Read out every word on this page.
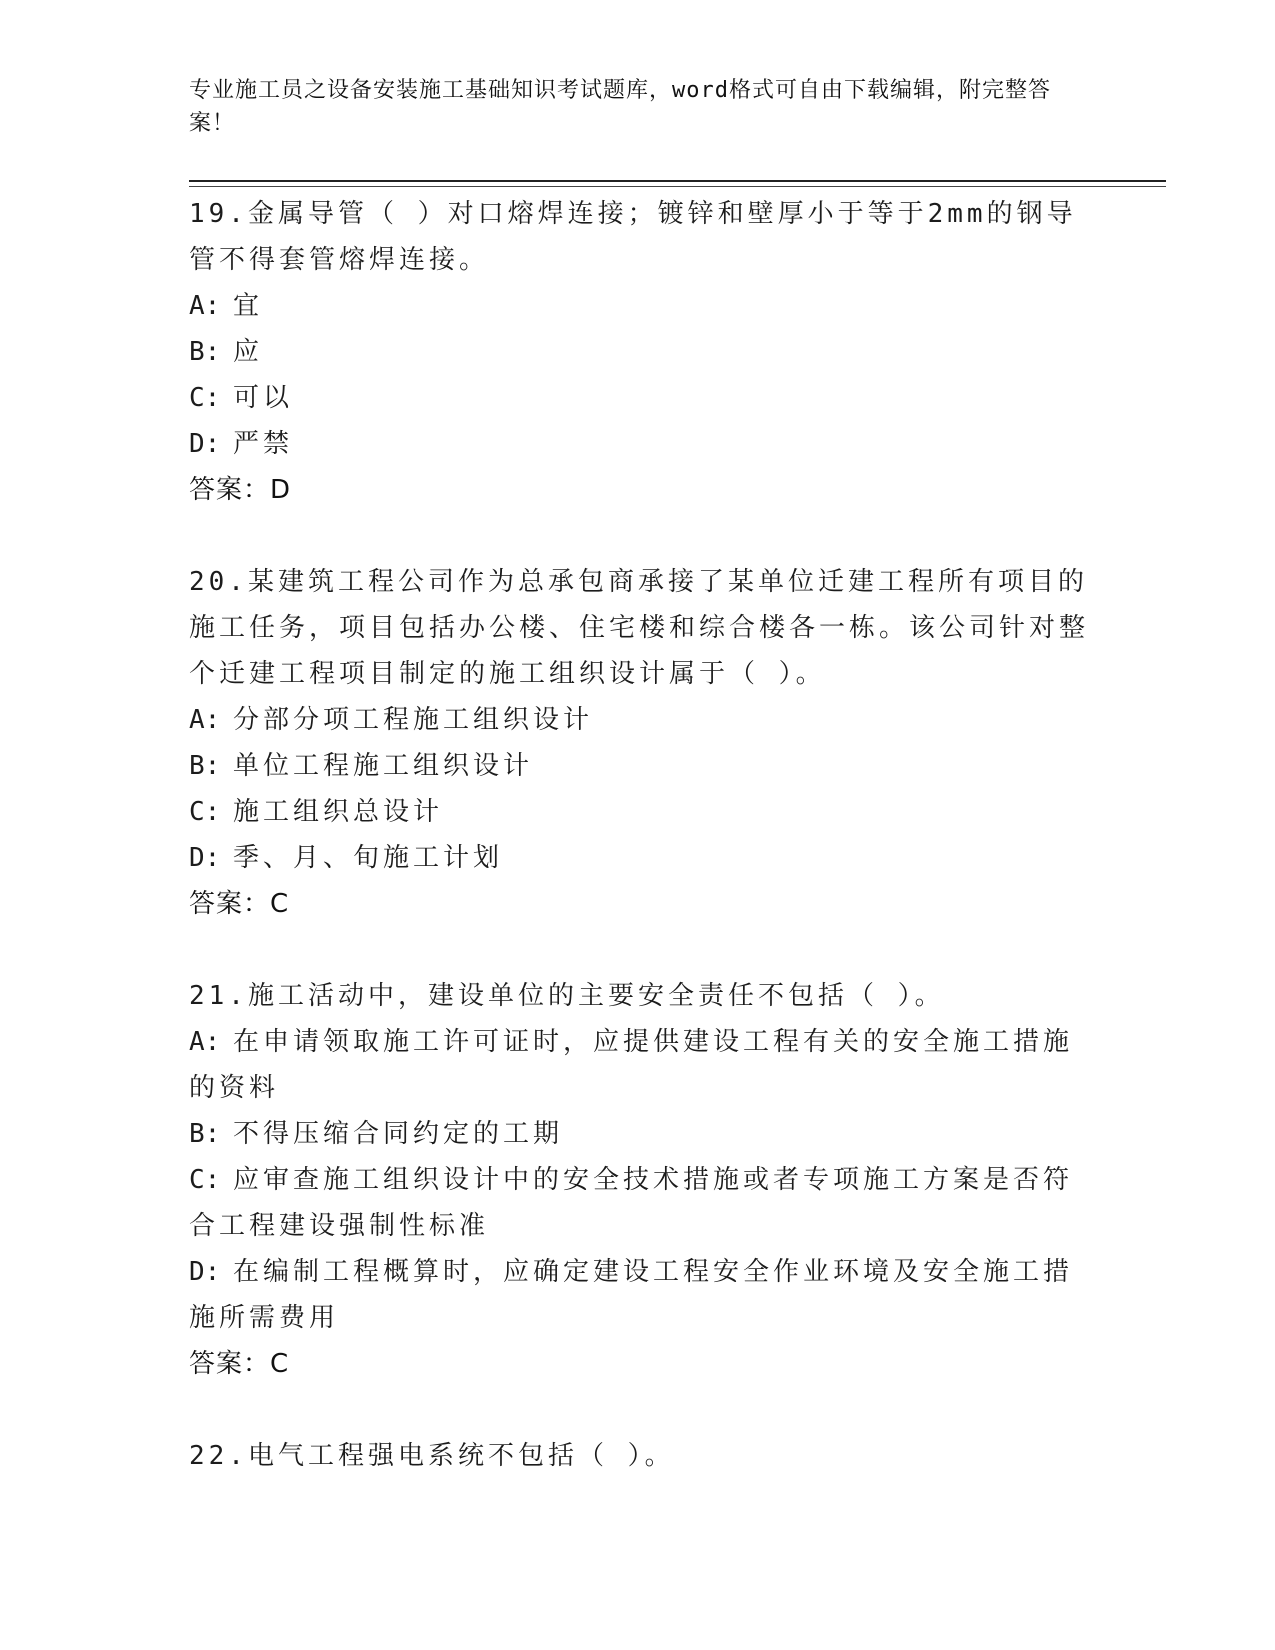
专业施工员之设备安装施工基础知识考试题库，word格式可自由下载编辑，附完整答案！

19.金属导管（ ）对口熔焊连接；镀锌和壁厚小于等于2mm的钢导管不得套管熔焊连接。

A: 宜

B: 应

C: 可以

D: 严禁

答案：D

20.某建筑工程公司作为总承包商承接了某单位迁建工程所有项目的施工任务，项目包括办公楼、住宅楼和综合楼各一栋。该公司针对整个迁建工程项目制定的施工组织设计属于（ ）。

A: 分部分项工程施工组织设计

B: 单位工程施工组织设计

C: 施工组织总设计

D: 季、月、旬施工计划

答案：C

21.施工活动中，建设单位的主要安全责任不包括（ ）。

A: 在申请领取施工许可证时，应提供建设工程有关的安全施工措施的资料

B: 不得压缩合同约定的工期

C: 应审查施工组织设计中的安全技术措施或者专项施工方案是否符合工程建设强制性标准

D: 在编制工程概算时，应确定建设工程安全作业环境及安全施工措施所需费用

答案：C

22.电气工程强电系统不包括（ ）。
